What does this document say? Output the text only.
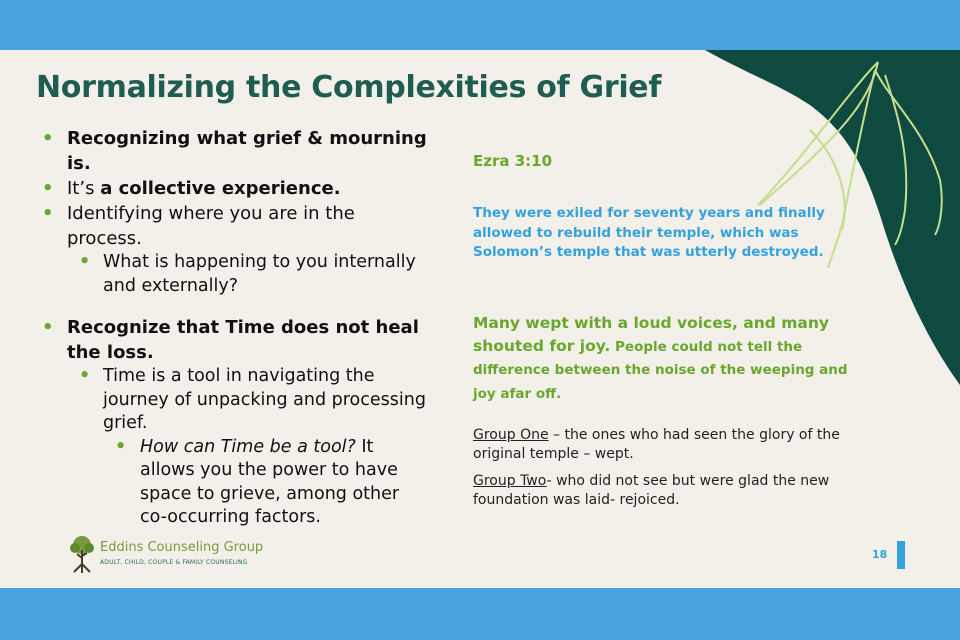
Normalizing the Complexities of Grief
• Recognizing what grief & mourning is.
• It’s a collective experience.
• Identifying where you are in the process.
• What is happening to you internally and externally?
• Recognize that Time does not heal the loss.
• Time is a tool in navigating the journey of unpacking and processing grief.
• How can Time be a tool? It allows you the power to have space to grieve, among other co-occurring factors.
Ezra 3:10
They were exiled for seventy years and finally allowed to rebuild their temple, which was Solomon’s temple that was utterly destroyed.
Many wept with a loud voices, and many shouted for joy. People could not tell the difference between the noise of the weeping and joy afar off.
Group One – the ones who had seen the glory of the original temple – wept.
Group Two- who did not see but were glad the new foundation was laid- rejoiced.
Eddins Counseling Group
ADULT, CHILD, COUPLE & FAMILY COUNSELING
18
